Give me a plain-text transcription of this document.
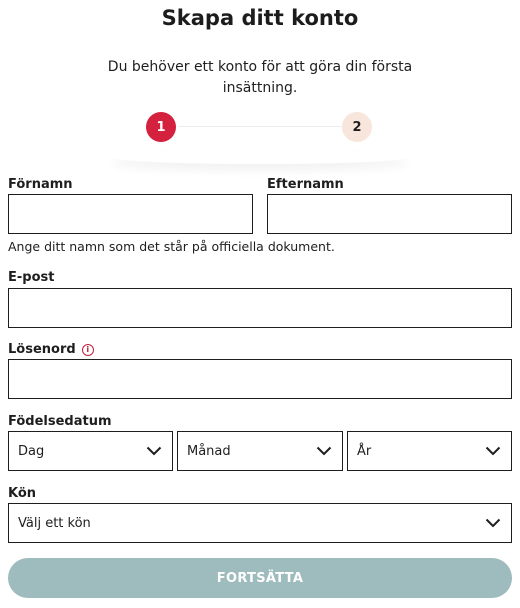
Skapa ditt konto

Du behöver ett konto för att göra din första insättning.

1	2
Förnamn	Efternamn

Ange ditt namn som det står på officiella dokument.

E-post
Lösenord	i
Födelsedatum
Dag	Månad	År
Kön
Välj ett kön
FORTSÄTTA
